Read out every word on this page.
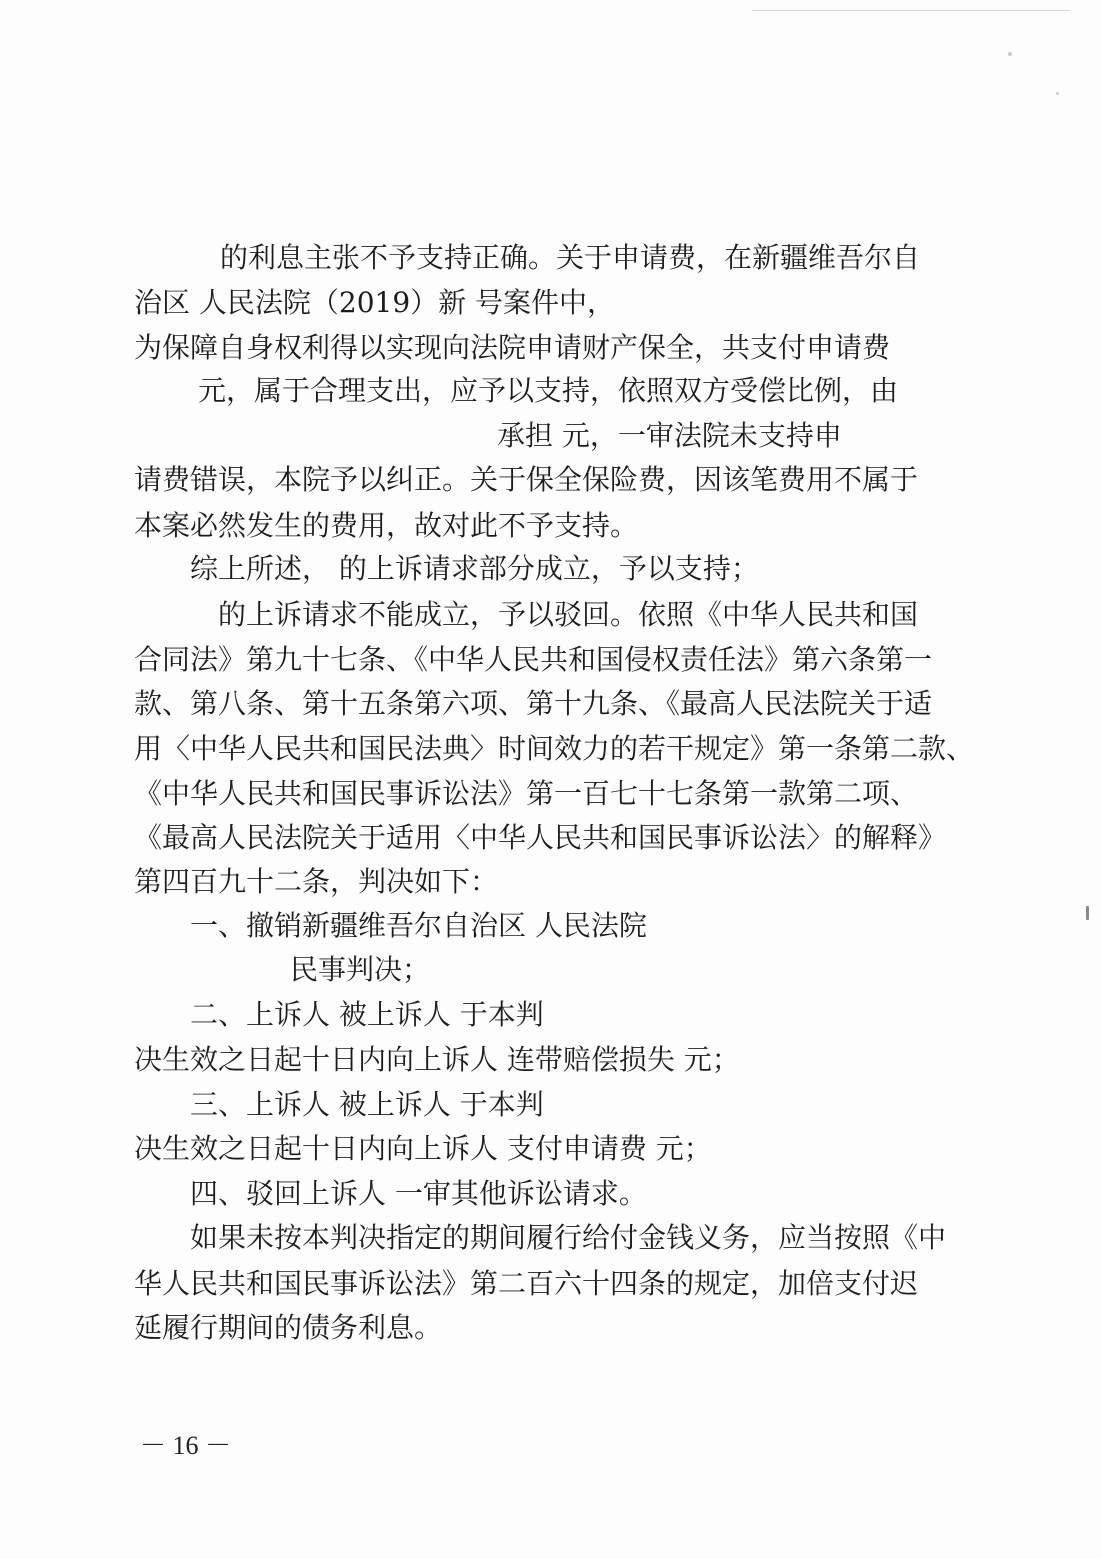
的利息主张不予支持正确。关于申请费，在新疆维吾尔自
治区 人民法院（2019）新 号案件中，
为保障自身权利得以实现向法院申请财产保全，共支付申请费
元，属于合理支出，应予以支持，依照双方受偿比例，由
承担 元，一审法院未支持申
请费错误，本院予以纠正。关于保全保险费，因该笔费用不属于
本案必然发生的费用，故对此不予支持。
综上所述， 的上诉请求部分成立，予以支持；
的上诉请求不能成立，予以驳回。依照《中华人民共和国
合同法》第九十七条、《中华人民共和国侵权责任法》第六条第一
款、第八条、第十五条第六项、第十九条、《最高人民法院关于适
用〈中华人民共和国民法典〉时间效力的若干规定》第一条第二款、
《中华人民共和国民事诉讼法》第一百七十七条第一款第二项、
《最高人民法院关于适用〈中华人民共和国民事诉讼法〉的解释》
第四百九十二条，判决如下：
一、撤销新疆维吾尔自治区 人民法院
民事判决；
二、上诉人 被上诉人 于本判
决生效之日起十日内向上诉人 连带赔偿损失 元；
三、上诉人 被上诉人 于本判
决生效之日起十日内向上诉人 支付申请费 元；
四、驳回上诉人 一审其他诉讼请求。
如果未按本判决指定的期间履行给付金钱义务，应当按照《中
华人民共和国民事诉讼法》第二百六十四条的规定，加倍支付迟
延履行期间的债务利息。
－ 16 －
